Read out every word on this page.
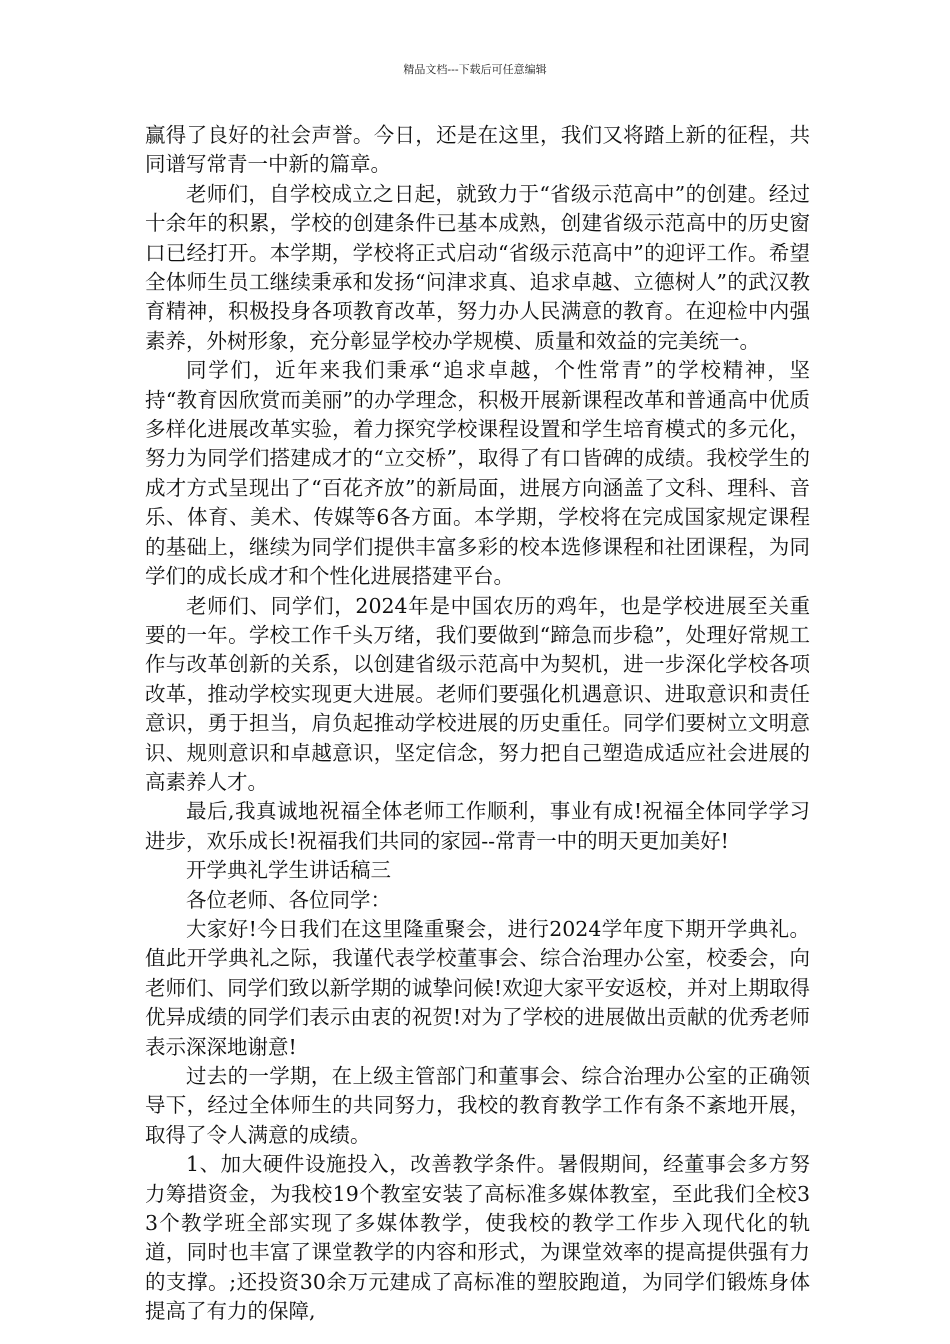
精品文档---下载后可任意编辑

赢得了良好的社会声誉。今日，还是在这里，我们又将踏上新的征程，共同谱写常青一中新的篇章。

老师们，自学校成立之日起，就致力于“省级示范高中”的创建。经过十余年的积累，学校的创建条件已基本成熟，创建省级示范高中的历史窗口已经打开。本学期，学校将正式启动“省级示范高中”的迎评工作。希望全体师生员工继续秉承和发扬“问津求真、追求卓越、立德树人”的武汉教育精神，积极投身各项教育改革，努力办人民满意的教育。在迎检中内强素养，外树形象，充分彰显学校办学规模、质量和效益的完美统一。

同学们，近年来我们秉承“追求卓越，个性常青”的学校精神，坚持“教育因欣赏而美丽”的办学理念，积极开展新课程改革和普通高中优质多样化进展改革实验，着力探究学校课程设置和学生培育模式的多元化，努力为同学们搭建成才的“立交桥”，取得了有口皆碑的成绩。我校学生的成才方式呈现出了“百花齐放”的新局面，进展方向涵盖了文科、理科、音乐、体育、美术、传媒等6各方面。本学期，学校将在完成国家规定课程的基础上，继续为同学们提供丰富多彩的校本选修课程和社团课程，为同学们的成长成才和个性化进展搭建平台。

老师们、同学们，2024年是中国农历的鸡年，也是学校进展至关重要的一年。学校工作千头万绪，我们要做到“蹄急而步稳”，处理好常规工作与改革创新的关系，以创建省级示范高中为契机，进一步深化学校各项改革，推动学校实现更大进展。老师们要强化机遇意识、进取意识和责任意识，勇于担当，肩负起推动学校进展的历史重任。同学们要树立文明意识、规则意识和卓越意识，坚定信念，努力把自己塑造成适应社会进展的高素养人才。

最后,我真诚地祝福全体老师工作顺利，事业有成!祝福全体同学学习进步，欢乐成长!祝福我们共同的家园--常青一中的明天更加美好!

开学典礼学生讲话稿三

各位老师、各位同学：

大家好!今日我们在这里隆重聚会，进行2024学年度下期开学典礼。值此开学典礼之际，我谨代表学校董事会、综合治理办公室，校委会，向老师们、同学们致以新学期的诚挚问候!欢迎大家平安返校，并对上期取得优异成绩的同学们表示由衷的祝贺!对为了学校的进展做出贡献的优秀老师表示深深地谢意!

过去的一学期，在上级主管部门和董事会、综合治理办公室的正确领导下，经过全体师生的共同努力，我校的教育教学工作有条不紊地开展，取得了令人满意的成绩。

1、加大硬件设施投入，改善教学条件。暑假期间，经董事会多方努力筹措资金，为我校19个教室安装了高标准多媒体教室，至此我们全校33个教学班全部实现了多媒体教学，使我校的教学工作步入现代化的轨道，同时也丰富了课堂教学的内容和形式，为课堂效率的提高提供强有力的支撑。;还投资30余万元建成了高标准的塑胶跑道，为同学们锻炼身体提高了有力的保障,
